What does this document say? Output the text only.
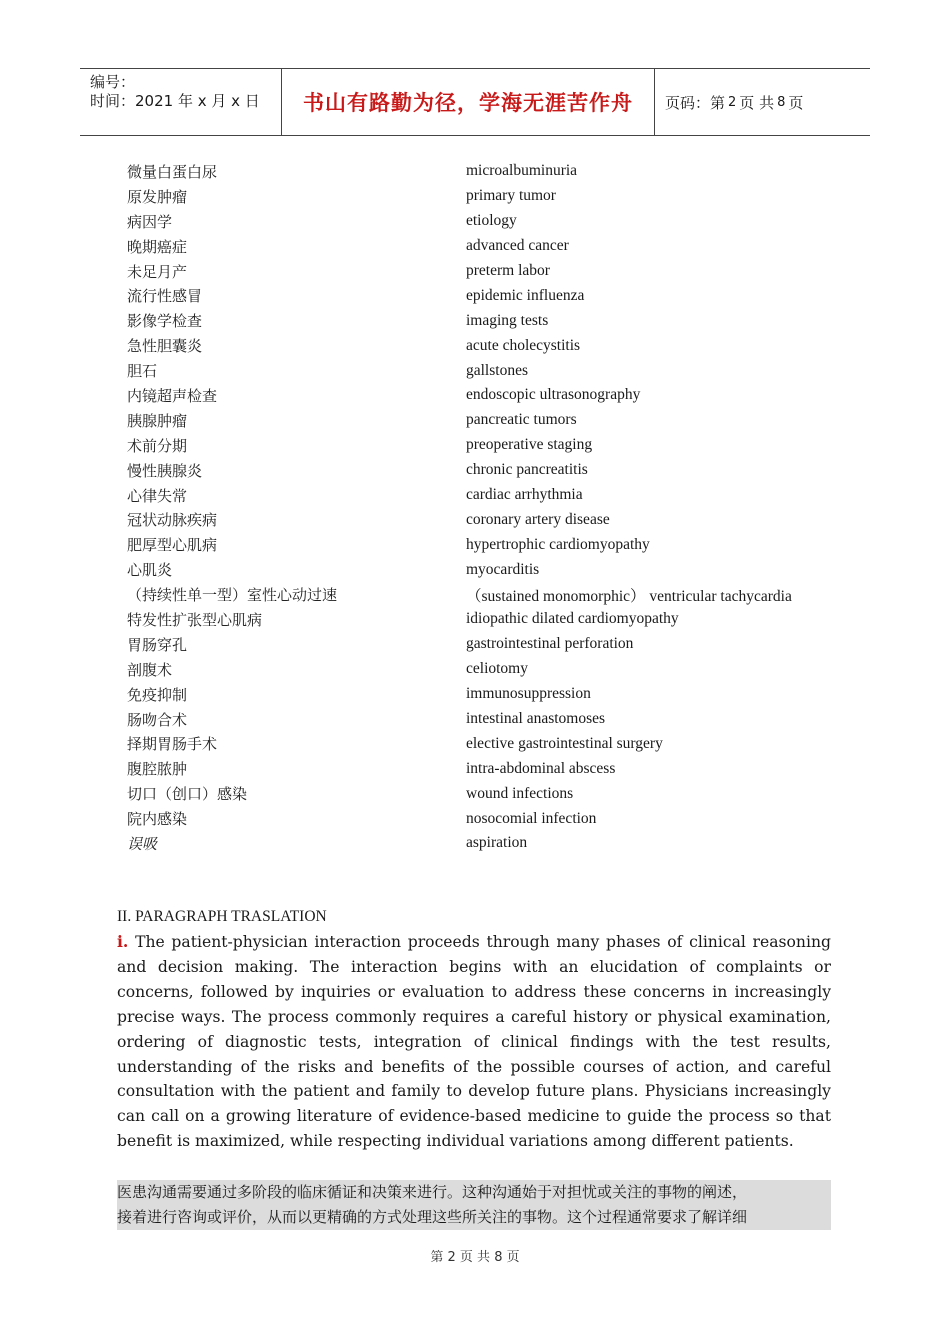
编号：
时间：2021 年 x 月 x 日	书山有路勤为径，学海无涯苦作舟	页码：第 2 页 共 8 页
微量白蛋白尿	microalbuminuria
原发肿瘤	primary tumor
病因学	etiology
晚期癌症	advanced cancer
未足月产	preterm labor
流行性感冒	epidemic influenza
影像学检查	imaging tests
急性胆囊炎	acute cholecystitis
胆石	gallstones
内镜超声检查	endoscopic ultrasonography
胰腺肿瘤	pancreatic tumors
术前分期	preoperative staging
慢性胰腺炎	chronic pancreatitis
心律失常	cardiac arrhythmia
冠状动脉疾病	coronary artery disease
肥厚型心肌病	hypertrophic cardiomyopathy
心肌炎	myocarditis
（持续性单一型）室性心动过速	（sustained monomorphic） ventricular tachycardia
特发性扩张型心肌病	idiopathic dilated cardiomyopathy
胃肠穿孔	gastrointestinal perforation
剖腹术	celiotomy
免疫抑制	immunosuppression
肠吻合术	intestinal anastomoses
择期胃肠手术	elective gastrointestinal surgery
腹腔脓肿	intra-abdominal abscess
切口（创口）感染	wound infections
院内感染	nosocomial infection
误吸	aspiration
II. PARAGRAPH TRASLATION
i. The patient-physician interaction proceeds through many phases of clinical reasoning and decision making. The interaction begins with an elucidation of complaints or concerns, followed by inquiries or evaluation to address these concerns in increasingly precise ways. The process commonly requires a careful history or physical examination, ordering of diagnostic tests, integration of clinical findings with the test results, understanding of the risks and benefits of the possible courses of action, and careful consultation with the patient and family to develop future plans. Physicians increasingly can call on a growing literature of evidence-based medicine to guide the process so that benefit is maximized, while respecting individual variations among different patients.
医患沟通需要通过多阶段的临床循证和决策来进行。这种沟通始于对担忧或关注的事物的阐述，
接着进行咨询或评价，从而以更精确的方式处理这些所关注的事物。这个过程通常要求了解详细
第 2 页 共 8 页
